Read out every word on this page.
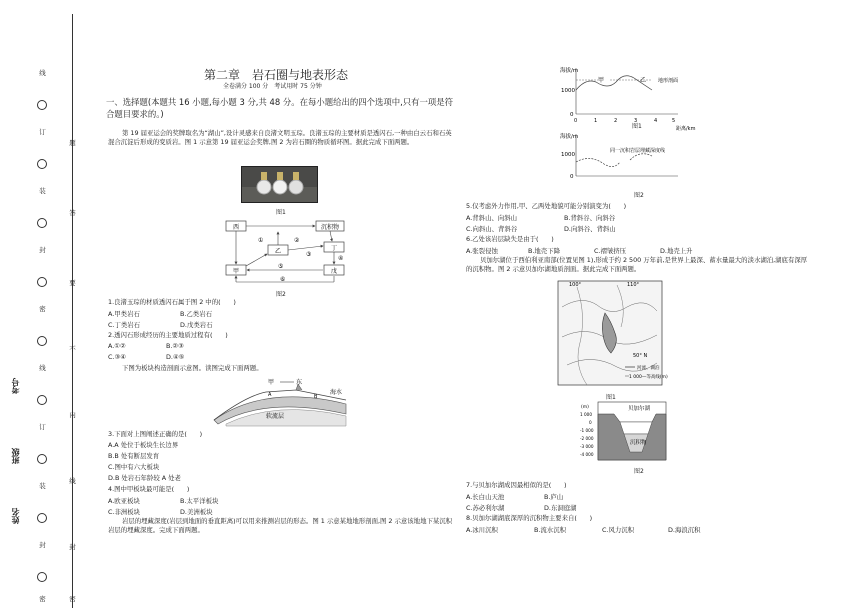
线
订
装
封
密
线
订
装
封
密
题
答
要
不
内
线
封
密
考号
班级
姓名
第二章　岩石圈与地表形态
全卷满分 100 分　考试用时 75 分钟
一、选择题(本题共 16 小题,每小题 3 分,共 48 分。在每小题给出的四个选项中,只有一项是符合题目要求的。)
第 19 届亚运会的奖牌取名为“湖山”,设计灵感来自良渚文明玉琮。良渚玉琮的主要材质是透闪石,一种由白云石和石英混合沉淀后形成的变质岩。图 1 示意第 19 届亚运会奖牌,图 2 为岩石圈的物质循环图。据此完成下面两题。
图1
西	沉积物
乙	丁
甲	戊
①	②
③
④
⑤
⑥
图2
1.良渚玉琮的材质透闪石属于图 2 中的(　　)
A.甲类岩石	B.乙类岩石
C.丁类岩石	D.戊类岩石
2.透闪石形成经历的主要地质过程有(　　)
A.①②	B.②③
C.③④	D.④⑤
下图为板块构造剖面示意图。读图完成下面两题。
甲	东
海水
软流层
A	B
3.下面对上图阐述正确的是(　　)
A.A 处位于板块生长边界
B.B 处有断层发育
C.图中有六大板块
D.B 处岩石年龄较 A 处老
4.图中甲板块最可能是(　　)
A.欧亚板块	B.太平洋板块
C.非洲板块	D.美洲板块
岩层的埋藏深度(岩层到地面的垂直距离)可以用来推测岩层的形态。图 1 示意某地地形剖面,图 2 示意该地地下某沉积岩层的埋藏深度。完成下面两题。
海拔/m
1000
0
甲	乙 地形剖面
0	1	2	3	4	5
距离/km
图1
海拔/m
1000
0
同一沉积岩层埋藏深度线
图2
5.仅考虑外力作用,甲、乙两处地貌可能分别演变为(　　)
A.背斜山、向斜山	B.背斜谷、向斜谷
C.向斜山、背斜谷	D.向斜谷、背斜山
6.乙处该岩层缺失是由于(　　)
A.张裂侵蚀	B.地壳下降	C.褶皱挤压	D.地壳上升
贝加尔湖位于西伯利亚南部(位置见图 1),形成于约 2 500 万年前,是世界上最深、蓄水量最大的淡水湖泊,湖底有深厚的沉积物。图 2 示意贝加尔湖地质剖面。据此完成下面两题。
110°
100°
50° N
河流、湖泊
1 000—等高线(m)
图1
贝加尔湖
(m)
1 000
0
-1 000
-2 000
-3 000
-4 000
沉积物
图2
7.与贝加尔湖成因最相似的是(　　)
A.长白山天池	B.庐山
C.苏必利尔湖	D.东洞庭湖
8.贝加尔湖湖底深厚的沉积物主要来自(　　)
A.冰川沉积	B.流水沉积	C.风力沉积	D.海浪沉积
